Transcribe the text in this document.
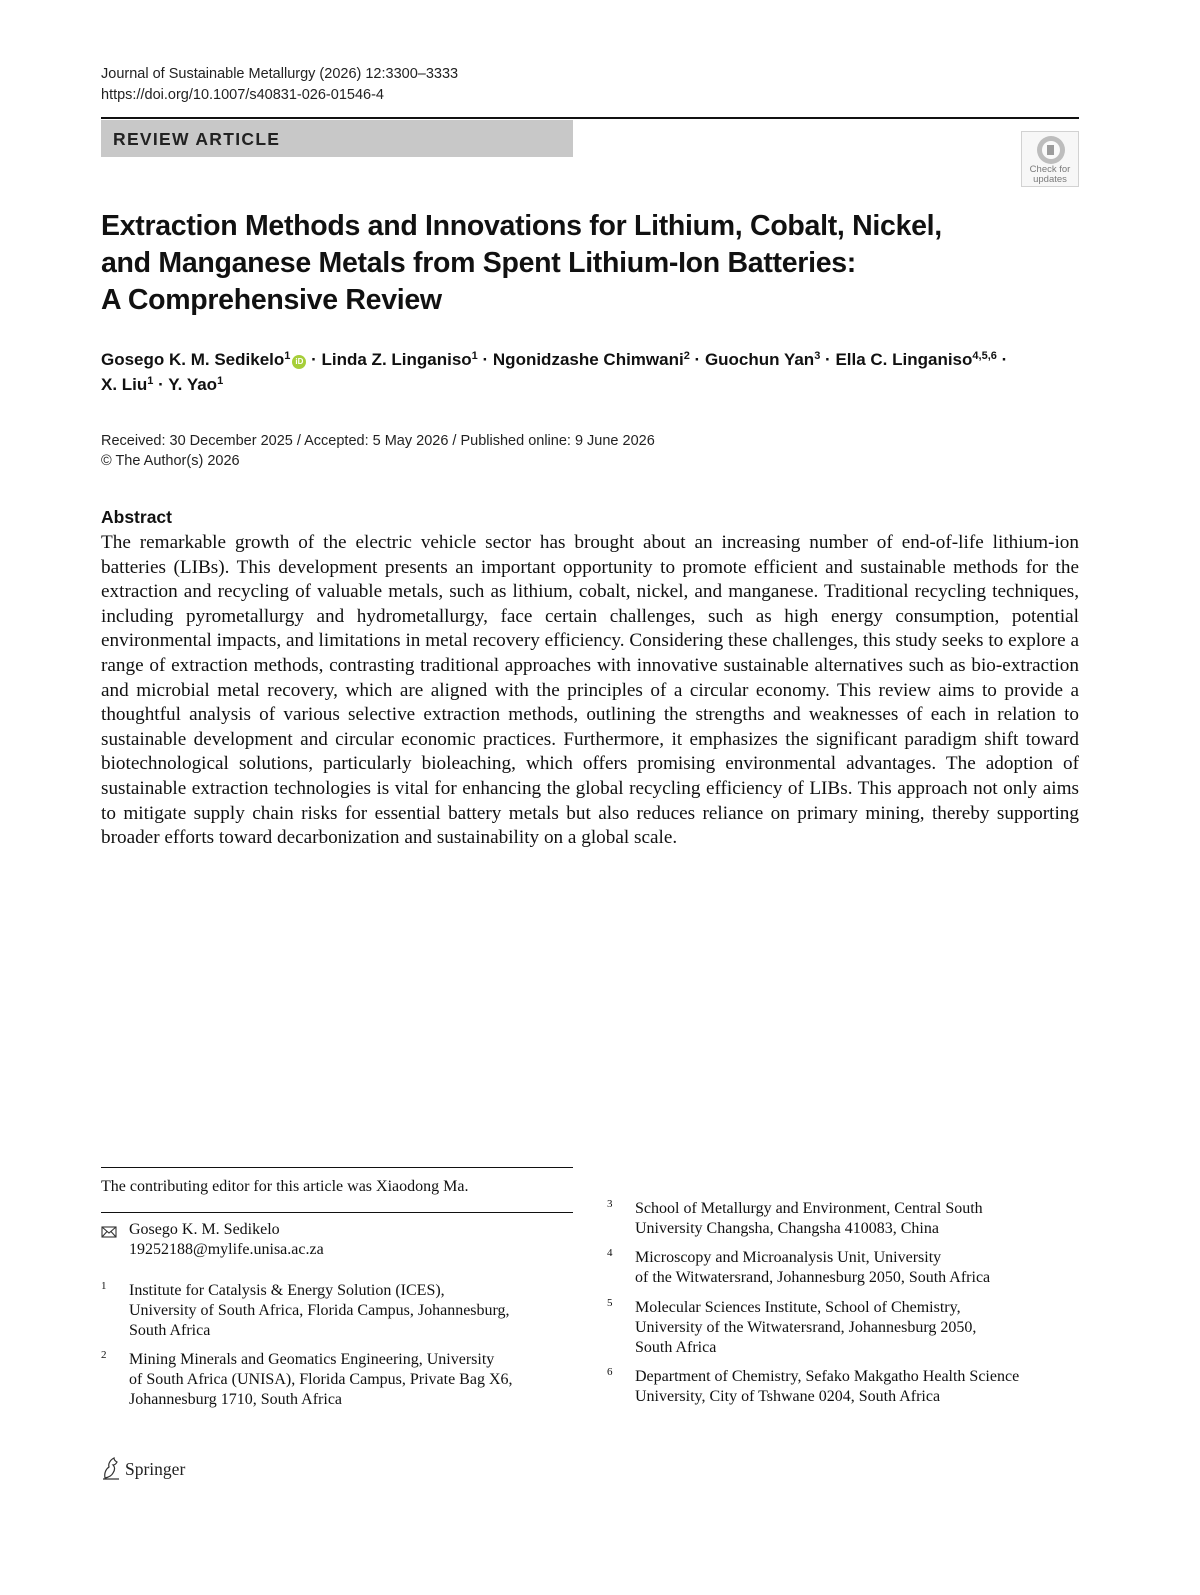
Journal of Sustainable Metallurgy (2026) 12:3300–3333
https://doi.org/10.1007/s40831-026-01546-4
REVIEW ARTICLE
Check for
updates
Extraction Methods and Innovations for Lithium, Cobalt, Nickel,
and Manganese Metals from Spent Lithium-Ion Batteries:
A Comprehensive Review
Gosego K. M. Sedikelo$^1$ iD · Linda Z. Linganiso$^1$ · Ngonidzashe Chimwani$^2$ · Guochun Yan$^3$ · Ella C. Linganiso$^{4,5,6}$ ·
X. Liu$^1$ · Y. Yao$^1$
Received: 30 December 2025 / Accepted: 5 May 2026 / Published online: 9 June 2026
© The Author(s) 2026
Abstract
The remarkable growth of the electric vehicle sector has brought about an increasing number of end-of-life lithium-ion batteries (LIBs). This development presents an important opportunity to promote efficient and sustainable methods for the extraction and recycling of valuable metals, such as lithium, cobalt, nickel, and manganese. Traditional recycling techniques, including pyrometallurgy and hydrometallurgy, face certain challenges, such as high energy consumption, potential environmental impacts, and limitations in metal recovery efficiency. Considering these challenges, this study seeks to explore a range of extraction methods, contrasting traditional approaches with innovative sustainable alternatives such as bio-extraction and microbial metal recovery, which are aligned with the principles of a circular economy. This review aims to provide a thoughtful analysis of various selective extraction methods, outlining the strengths and weaknesses of each in relation to sustainable development and circular economic practices. Furthermore, it emphasizes the significant paradigm shift toward biotechnological solutions, particularly bioleaching, which offers promising environmental advantages. The adoption of sustainable extraction technologies is vital for enhancing the global recycling efficiency of LIBs. This approach not only aims to mitigate supply chain risks for essential battery metals but also reduces reliance on primary mining, thereby supporting broader efforts toward decarbonization and sustainability on a global scale.
The contributing editor for this article was Xiaodong Ma.
Gosego K. M. Sedikelo
19252188@mylife.unisa.ac.za
1 Institute for Catalysis & Energy Solution (ICES),
University of South Africa, Florida Campus, Johannesburg,
South Africa
2 Mining Minerals and Geomatics Engineering, University
of South Africa (UNISA), Florida Campus, Private Bag X6,
Johannesburg 1710, South Africa
3 School of Metallurgy and Environment, Central South
University Changsha, Changsha 410083, China
4 Microscopy and Microanalysis Unit, University
of the Witwatersrand, Johannesburg 2050, South Africa
5 Molecular Sciences Institute, School of Chemistry,
University of the Witwatersrand, Johannesburg 2050,
South Africa
6 Department of Chemistry, Sefako Makgatho Health Science
University, City of Tshwane 0204, South Africa
Springer
